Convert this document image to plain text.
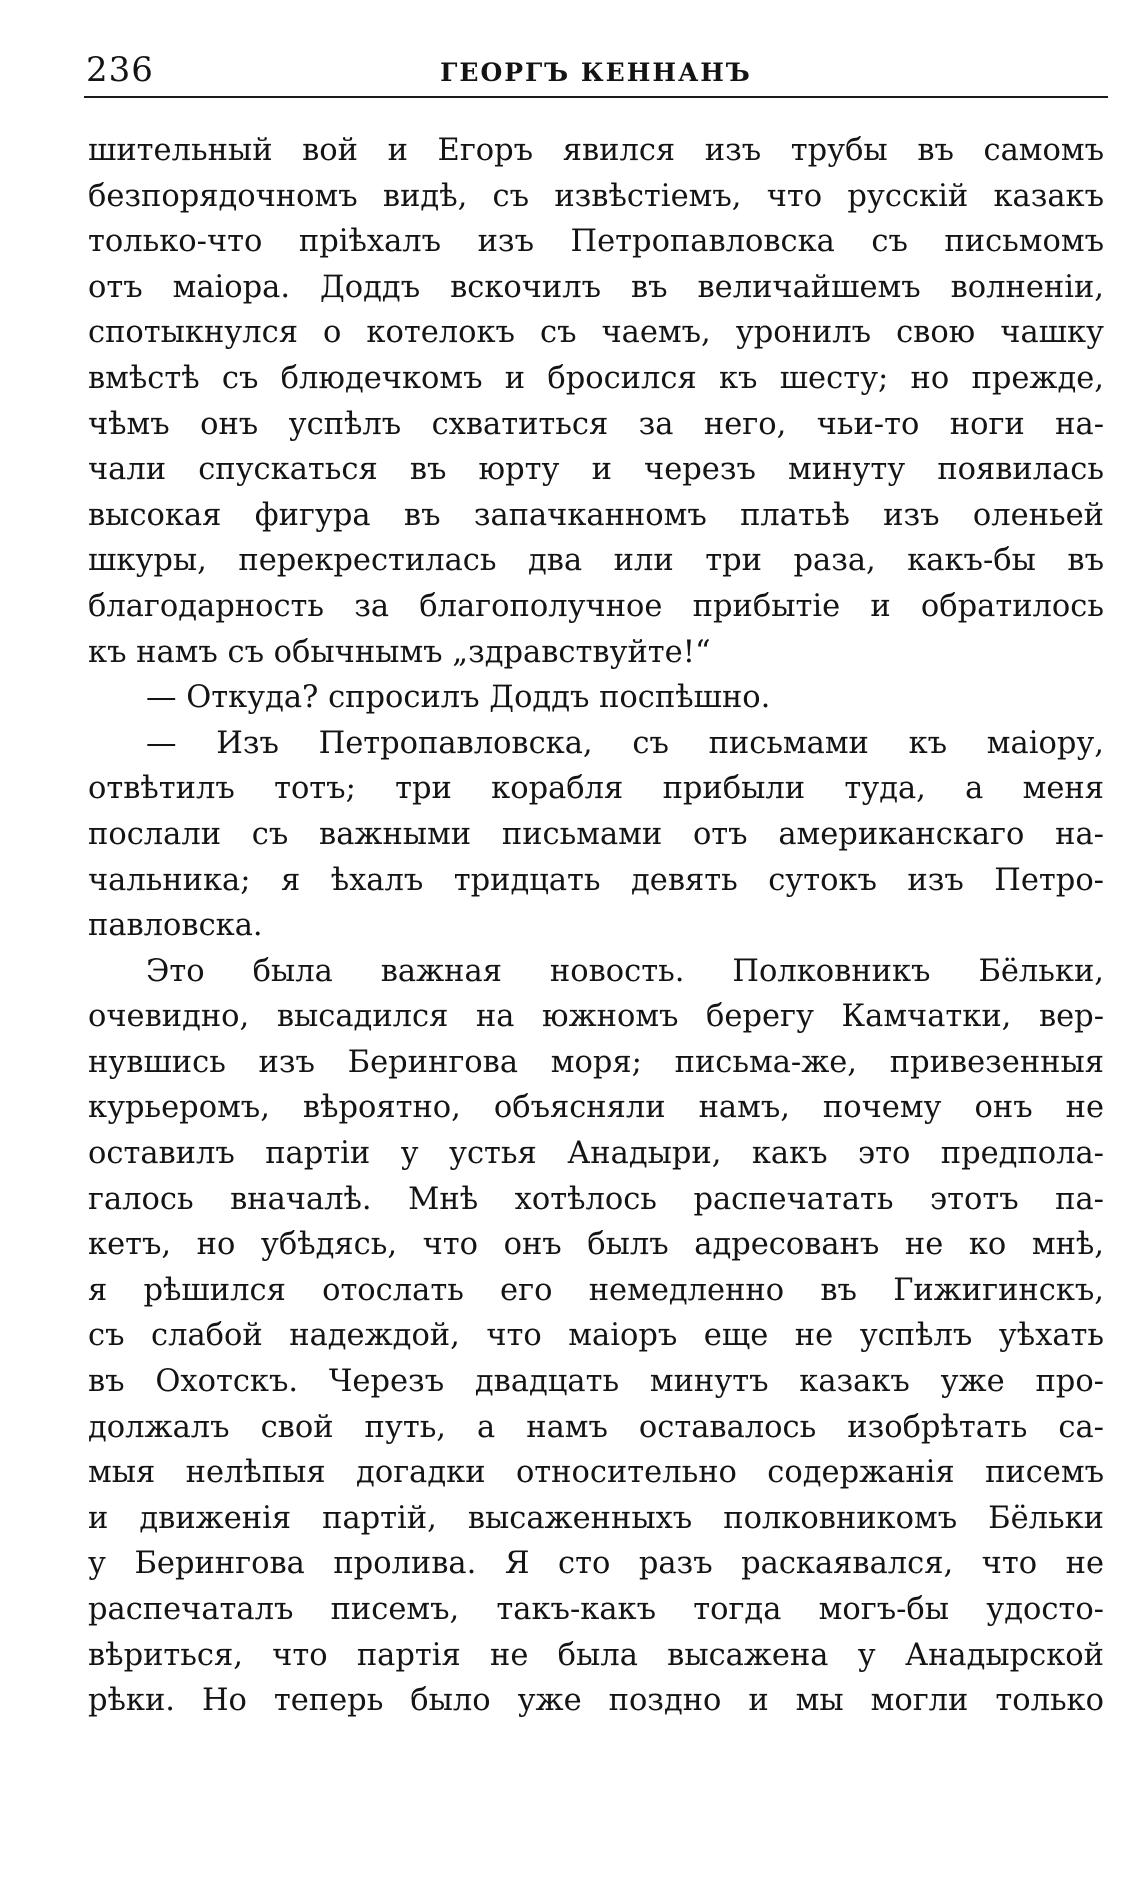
236	ГЕОРГЪ КЕННАНЪ
шительный вой и Егоръ явился изъ трубы въ самомъ
безпорядочномъ видѣ, съ извѣстіемъ, что русскій казакъ
только-что пріѣхалъ изъ Петропавловска съ письмомъ
отъ маіора. Доддъ вскочилъ въ величайшемъ волненіи,
спотыкнулся о котелокъ съ чаемъ, уронилъ свою чашку
вмѣстѣ съ блюдечкомъ и бросился къ шесту; но прежде,
чѣмъ онъ успѣлъ схватиться за него, чьи-то ноги на-
чали спускаться въ юрту и черезъ минуту появилась
высокая фигура въ запачканномъ платьѣ изъ оленьей
шкуры, перекрестилась два или три раза, какъ-бы въ
благодарность за благополучное прибытіе и обратилось
къ намъ съ обычнымъ „здравствуйте!“
— Откуда? спросилъ Доддъ поспѣшно.
— Изъ Петропавловска, съ письмами къ маіору,
отвѣтилъ тотъ; три корабля прибыли туда, а меня
послали съ важными письмами отъ американскаго на-
чальника; я ѣхалъ тридцать девять сутокъ изъ Петро-
павловска.
Это была важная новость. Полковникъ Бёльки,
очевидно, высадился на южномъ берегу Камчатки, вер-
нувшись изъ Берингова моря; письма-же, привезенныя
курьеромъ, вѣроятно, объясняли намъ, почему онъ не
оставилъ партіи у устья Анадыри, какъ это предпола-
галось вначалѣ. Мнѣ хотѣлось распечатать этотъ па-
кетъ, но убѣдясь, что онъ былъ адресованъ не ко мнѣ,
я рѣшился отослать его немедленно въ Гижигинскъ,
съ слабой надеждой, что маіоръ еще не успѣлъ уѣхать
въ Охотскъ. Черезъ двадцать минутъ казакъ уже про-
должалъ свой путь, а намъ оставалось изобрѣтать са-
мыя нелѣпыя догадки относительно содержанія писемъ
и движенія партій, высаженныхъ полковникомъ Бёльки
у Берингова пролива. Я сто разъ раскаявался, что не
распечаталъ писемъ, такъ-какъ тогда могъ-бы удосто-
вѣриться, что партія не была высажена у Анадырской
рѣки. Но теперь было уже поздно и мы могли только
